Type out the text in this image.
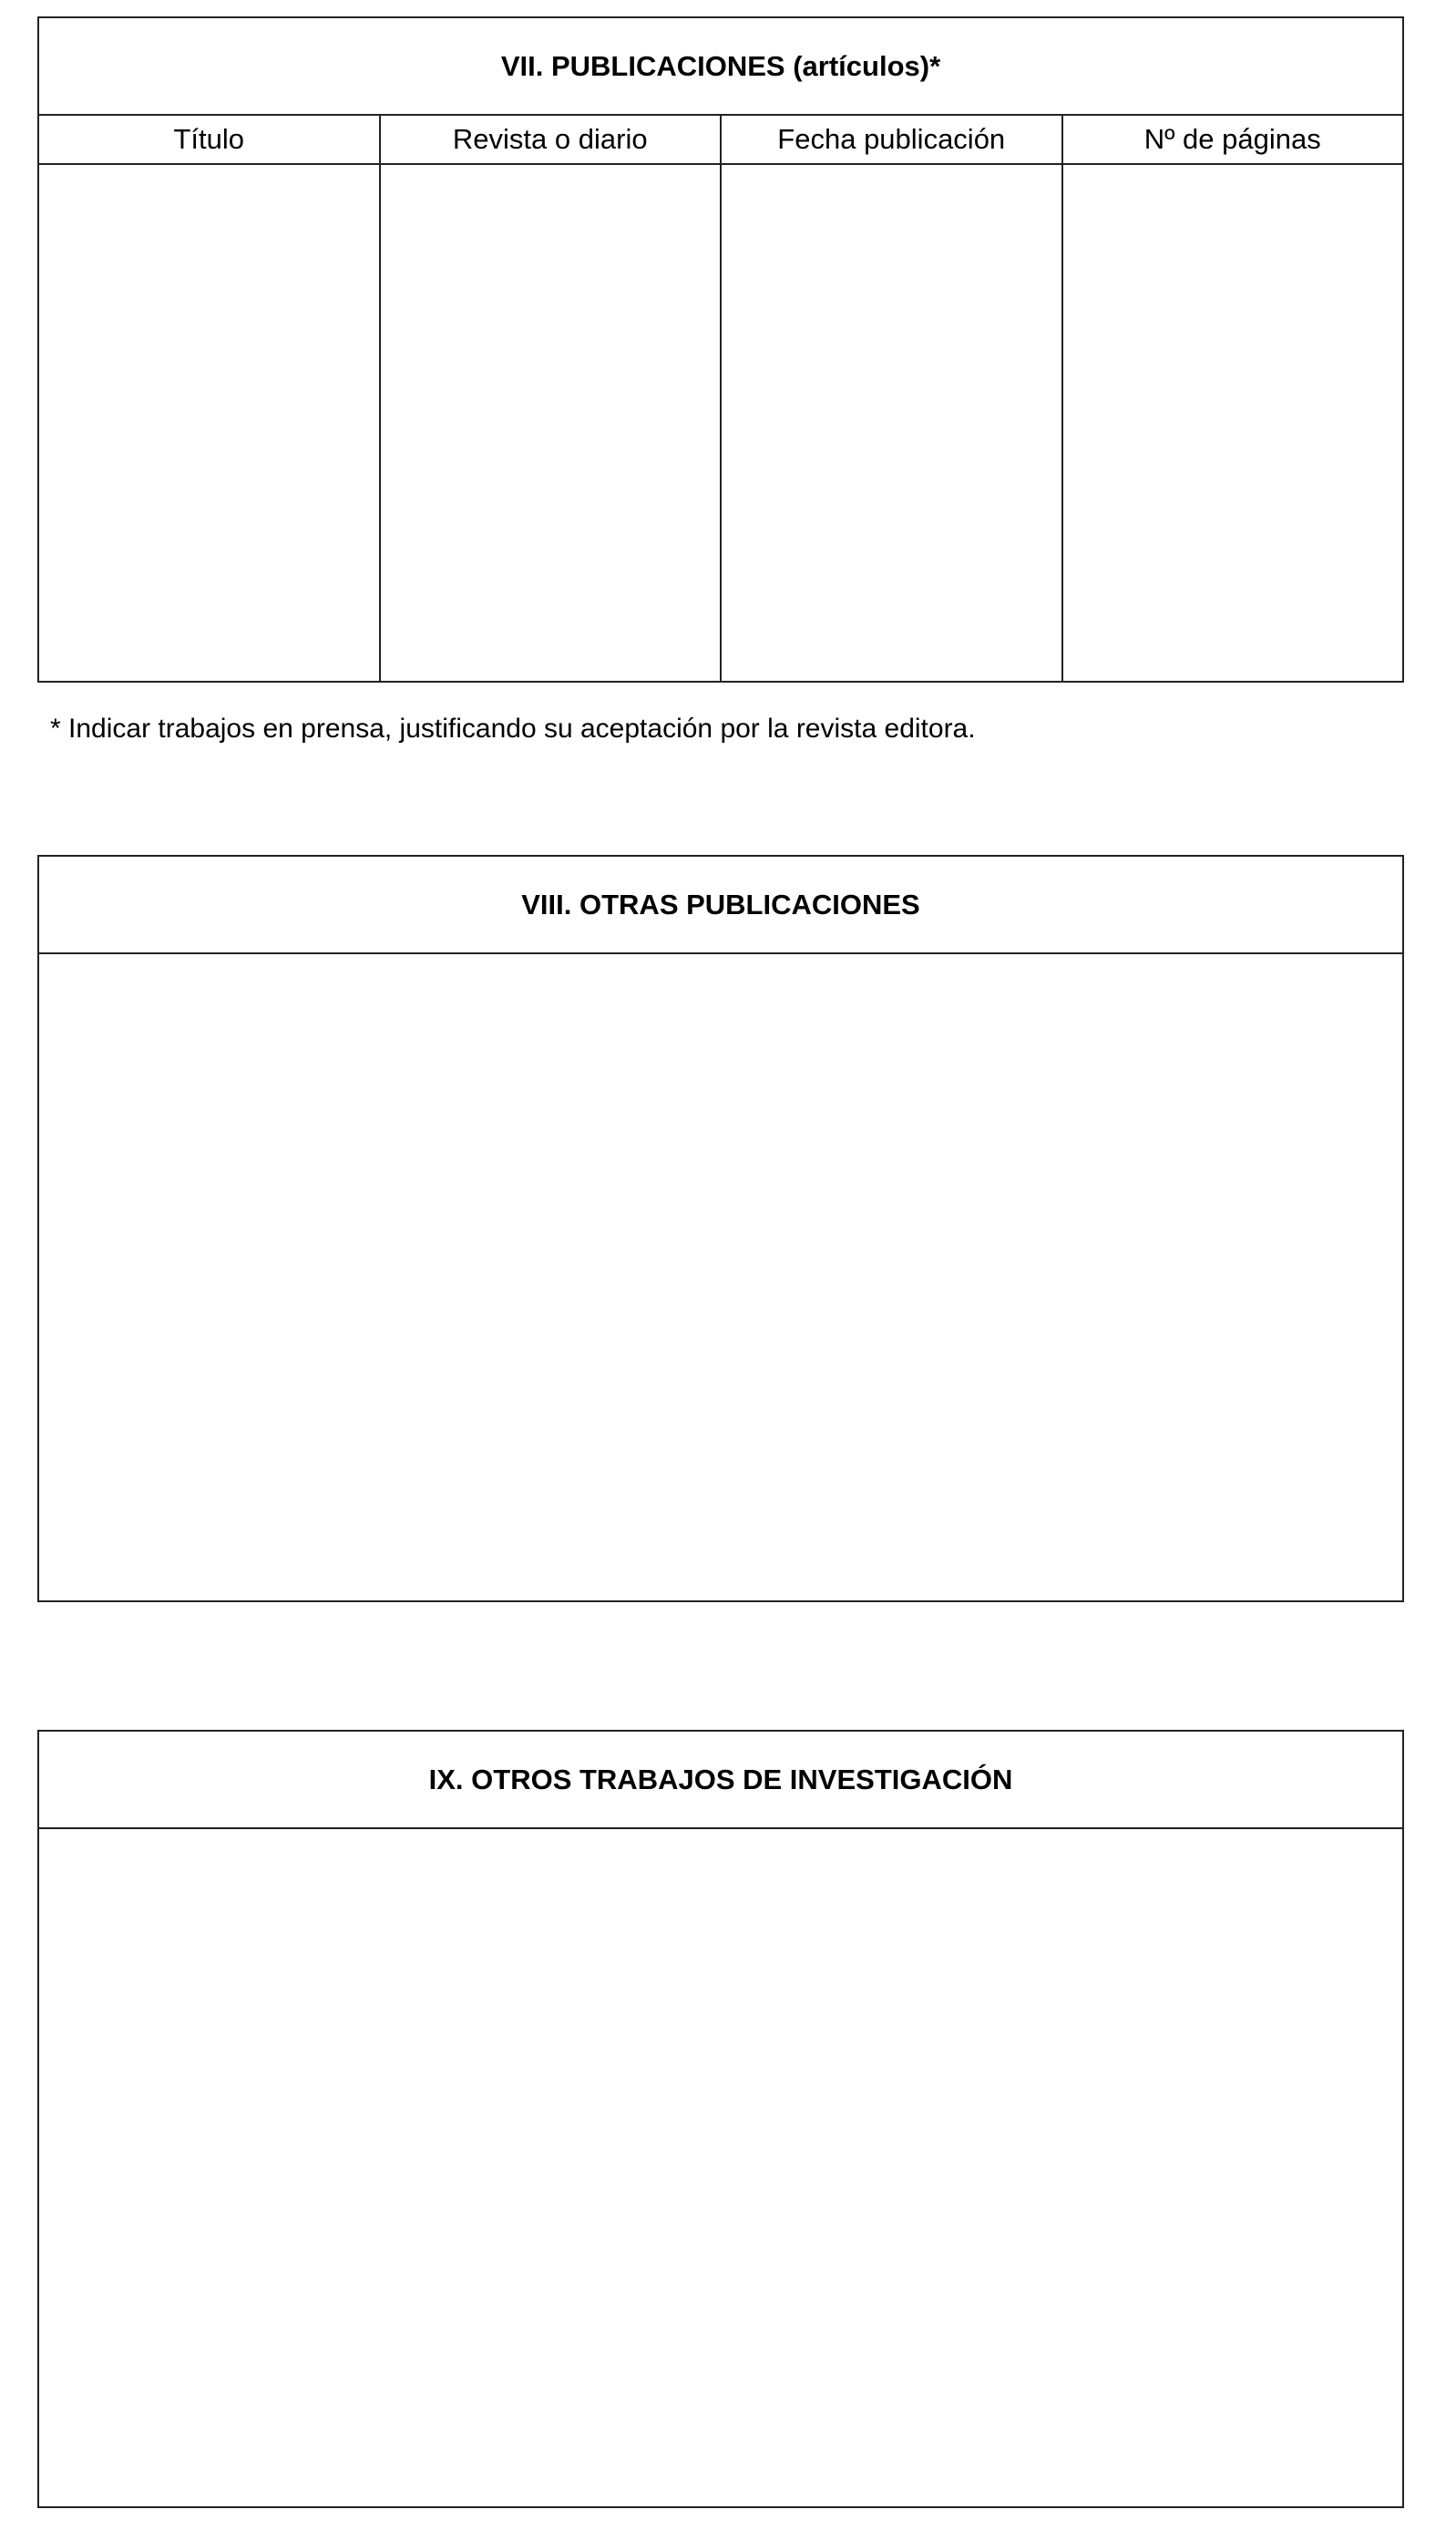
VII. PUBLICACIONES (artículos)*
Título	Revista o diario	Fecha publicación	Nº de páginas
* Indicar trabajos en prensa, justificando su aceptación por la revista editora.
VIII. OTRAS PUBLICACIONES
IX. OTROS TRABAJOS DE INVESTIGACIÓN
